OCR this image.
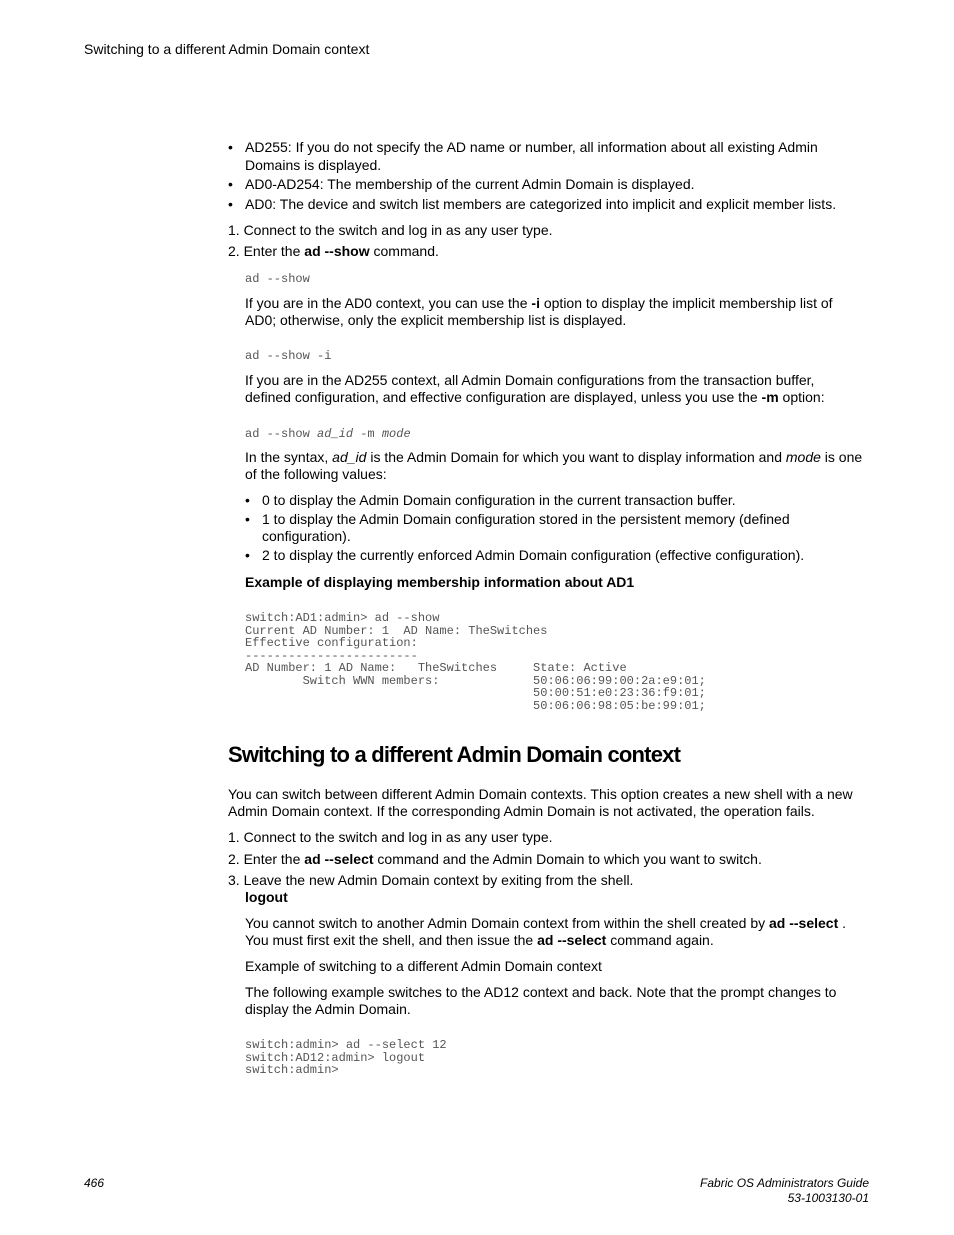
Switching to a different Admin Domain context
• AD255: If you do not specify the AD name or number, all information about all existing Admin
Domains is displayed.
• AD0-AD254: The membership of the current Admin Domain is displayed.
• AD0: The device and switch list members are categorized into implicit and explicit member lists.
1. Connect to the switch and log in as any user type.
2. Enter the ad --show command.
ad --show
If you are in the AD0 context, you can use the -i option to display the implicit membership list of
AD0; otherwise, only the explicit membership list is displayed.
ad --show -i
If you are in the AD255 context, all Admin Domain configurations from the transaction buffer,
defined configuration, and effective configuration are displayed, unless you use the -m option:
ad --show ad_id -m mode
In the syntax, ad_id is the Admin Domain for which you want to display information and mode is one
of the following values:
• 0 to display the Admin Domain configuration in the current transaction buffer.
• 1 to display the Admin Domain configuration stored in the persistent memory (defined
configuration).
• 2 to display the currently enforced Admin Domain configuration (effective configuration).
Example of displaying membership information about AD1
switch:AD1:admin> ad --show
Current AD Number: 1  AD Name: TheSwitches
Effective configuration:
------------------------
AD Number: 1 AD Name:   TheSwitches     State: Active
Switch WWN members:             50:06:06:99:00:2a:e9:01;
50:00:51:e0:23:36:f9:01;
50:06:06:98:05:be:99:01;
Switching to a different Admin Domain context
You can switch between different Admin Domain contexts. This option creates a new shell with a new
Admin Domain context. If the corresponding Admin Domain is not activated, the operation fails.
1. Connect to the switch and log in as any user type.
2. Enter the ad --select command and the Admin Domain to which you want to switch.
3. Leave the new Admin Domain context by exiting from the shell.
logout
You cannot switch to another Admin Domain context from within the shell created by ad --select .
You must first exit the shell, and then issue the ad --select command again.
Example of switching to a different Admin Domain context
The following example switches to the AD12 context and back. Note that the prompt changes to
display the Admin Domain.
switch:admin> ad --select 12
switch:AD12:admin> logout
switch:admin>
466	Fabric OS Administrators Guide
53-1003130-01
